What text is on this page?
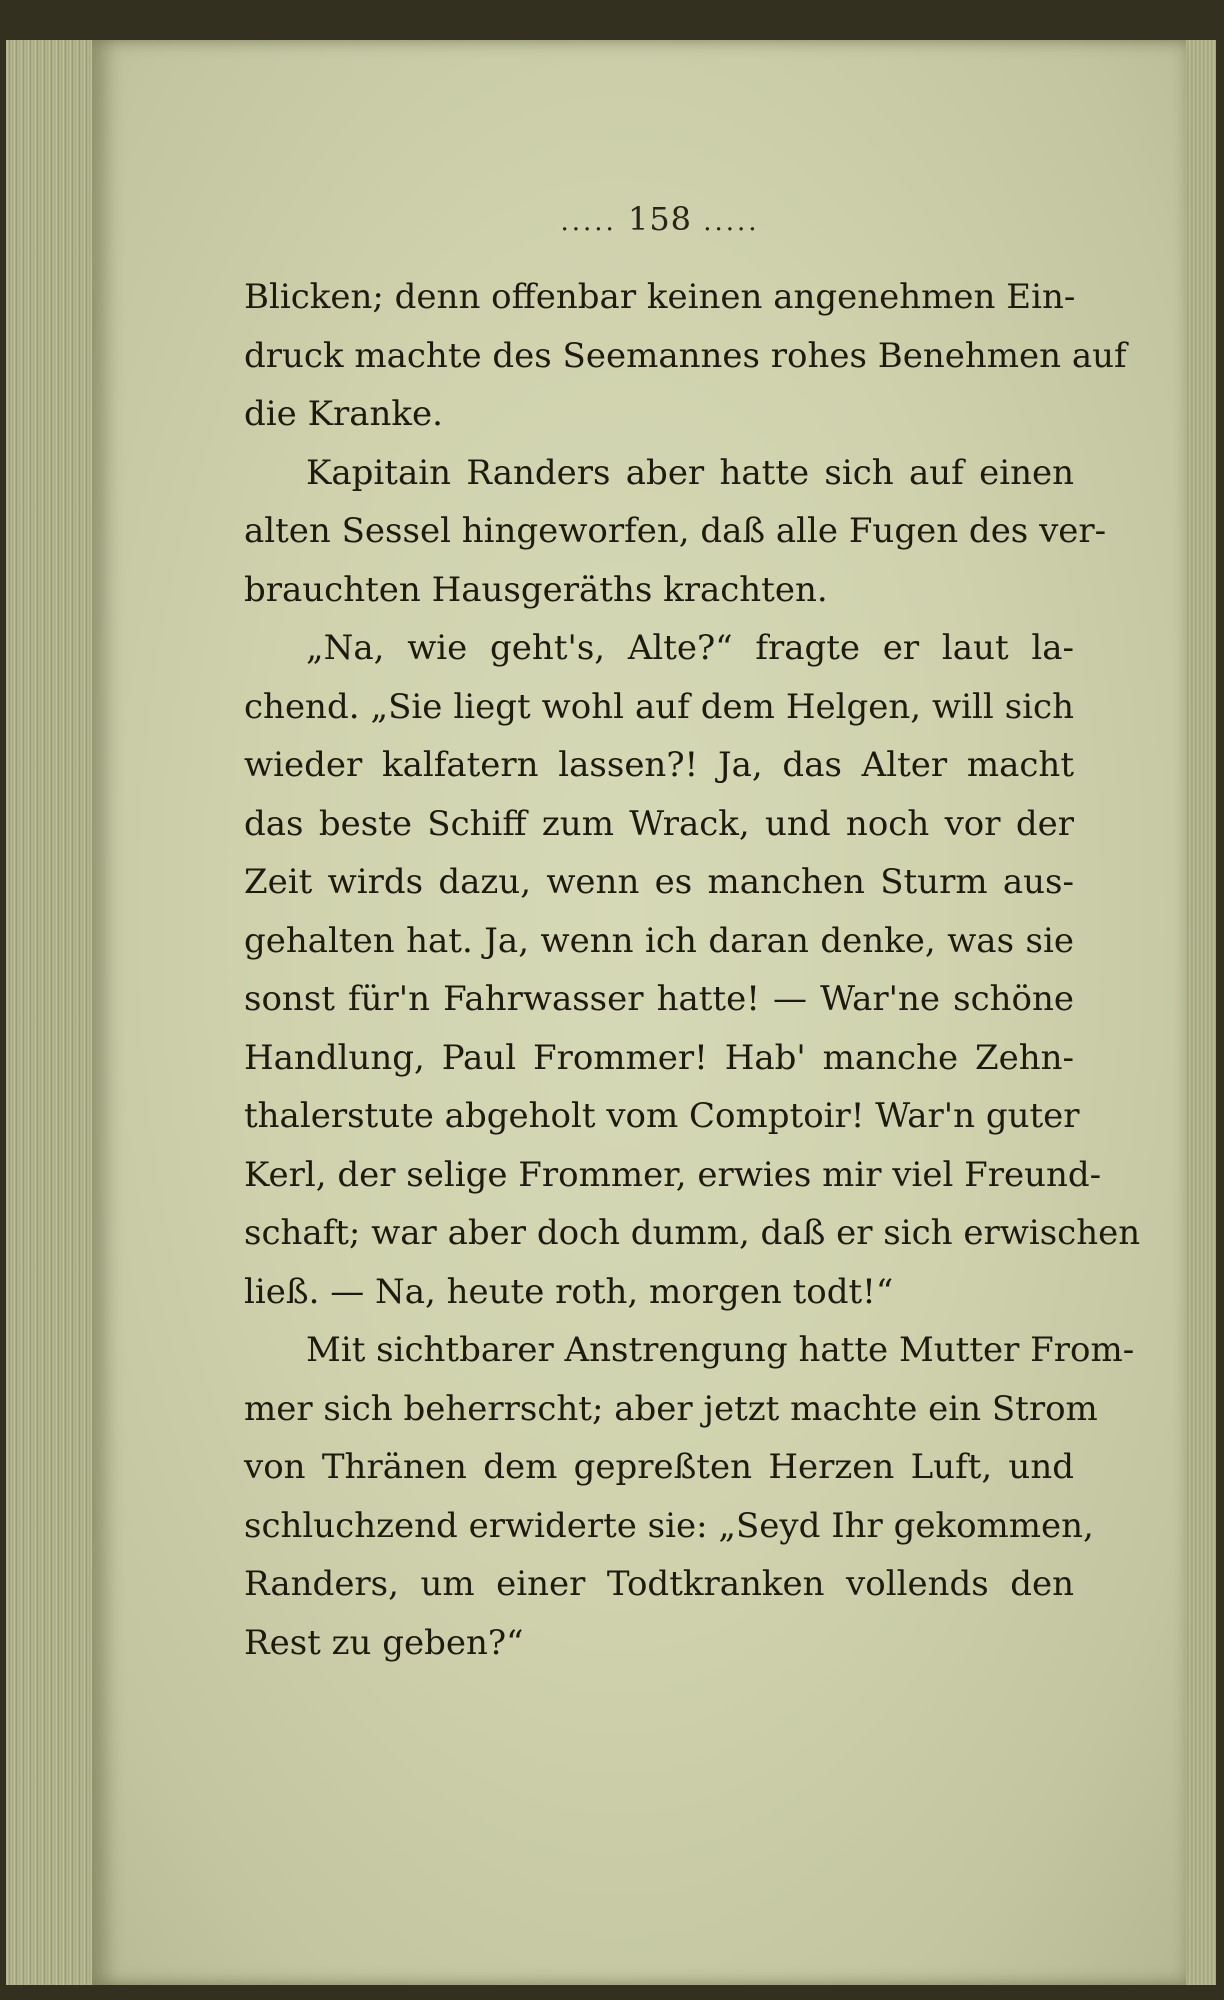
..... 158 .....
Blicken; denn offenbar keinen angenehmen Ein-
druck machte des Seemannes rohes Benehmen auf
die Kranke.
Kapitain Randers aber hatte sich auf einen
alten Sessel hingeworfen, daß alle Fugen des ver-
brauchten Hausgeräths krachten.
„Na, wie geht's, Alte?“ fragte er laut la-
chend. „Sie liegt wohl auf dem Helgen, will sich
wieder kalfatern lassen?! Ja, das Alter macht
das beste Schiff zum Wrack, und noch vor der
Zeit wirds dazu, wenn es manchen Sturm aus-
gehalten hat. Ja, wenn ich daran denke, was sie
sonst für'n Fahrwasser hatte! — War'ne schöne
Handlung, Paul Frommer! Hab' manche Zehn-
thalerstute abgeholt vom Comptoir! War'n guter
Kerl, der selige Frommer, erwies mir viel Freund-
schaft; war aber doch dumm, daß er sich erwischen
ließ. — Na, heute roth, morgen todt!“
Mit sichtbarer Anstrengung hatte Mutter From-
mer sich beherrscht; aber jetzt machte ein Strom
von Thränen dem gepreßten Herzen Luft, und
schluchzend erwiderte sie: „Seyd Ihr gekommen,
Randers, um einer Todtkranken vollends den
Rest zu geben?“
